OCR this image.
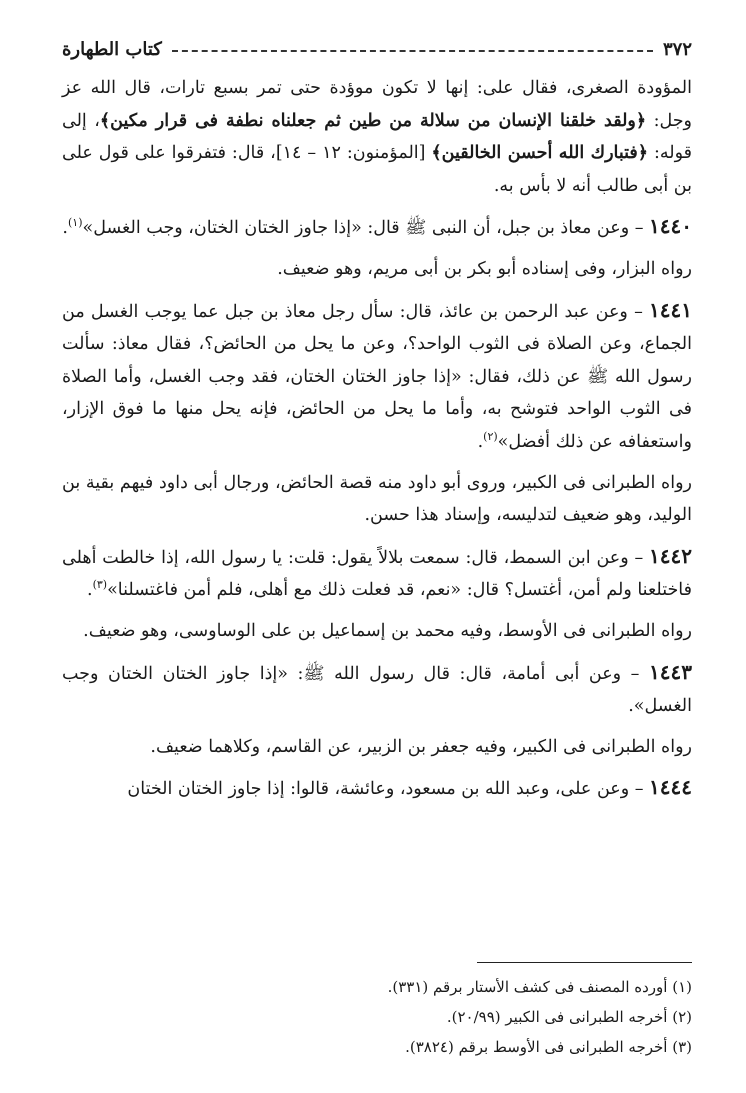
٣٧٢
كتاب الطهارة

المؤودة الصغرى، فقال على: إنها لا تكون موؤدة حتى تمر بسبع تارات، قال الله عز وجل: ﴿ولقد خلقنا الإنسان من سلالة من طين ثم جعلناه نطفة فى قرار مكين﴾، إلى قوله: ﴿فتبارك الله أحسن الخالقين﴾ [المؤمنون: ١٢ – ١٤]، قال: فتفرقوا على قول على بن أبى طالب أنه لا بأس به.

١٤٤٠ – وعن معاذ بن جبل، أن النبى ﷺ قال: «إذا جاوز الختان الختان، وجب الغسل»$^{(١)}$.

رواه البزار، وفى إسناده أبو بكر بن أبى مريم، وهو ضعيف.

١٤٤١ – وعن عبد الرحمن بن عائذ، قال: سأل رجل معاذ بن جبل عما يوجب الغسل من الجماع، وعن الصلاة فى الثوب الواحد؟، وعن ما يحل من الحائض؟، فقال معاذ: سألت رسول الله ﷺ عن ذلك، فقال: «إذا جاوز الختان الختان، فقد وجب الغسل، وأما الصلاة فى الثوب الواحد فتوشح به، وأما ما يحل من الحائض، فإنه يحل منها ما فوق الإزار، واستعفافه عن ذلك أفضل»$^{(٢)}$.

رواه الطبرانى فى الكبير، وروى أبو داود منه قصة الحائض، ورجال أبى داود فيهم بقية بن الوليد، وهو ضعيف لتدليسه، وإسناد هذا حسن.

١٤٤٢ – وعن ابن السمط، قال: سمعت بلالاً يقول: قلت: يا رسول الله، إذا خالطت أهلى فاختلعنا ولم أمن، أغتسل؟ قال: «نعم، قد فعلت ذلك مع أهلى، فلم أمن فاغتسلنا»$^{(٣)}$.

رواه الطبرانى فى الأوسط، وفيه محمد بن إسماعيل بن على الوساوسى، وهو ضعيف.

١٤٤٣ – وعن أبى أمامة، قال: قال رسول الله ﷺ: «إذا جاوز الختان الختان وجب الغسل».

رواه الطبرانى فى الكبير، وفيه جعفر بن الزبير، عن القاسم، وكلاهما ضعيف.

١٤٤٤ – وعن على، وعبد الله بن مسعود، وعائشة، قالوا: إذا جاوز الختان الختان

(١) أورده المصنف فى كشف الأستار برقم (٣٣١).
(٢) أخرجه الطبرانى فى الكبير (٢٠/٩٩).
(٣) أخرجه الطبرانى فى الأوسط برقم (٣٨٢٤).
